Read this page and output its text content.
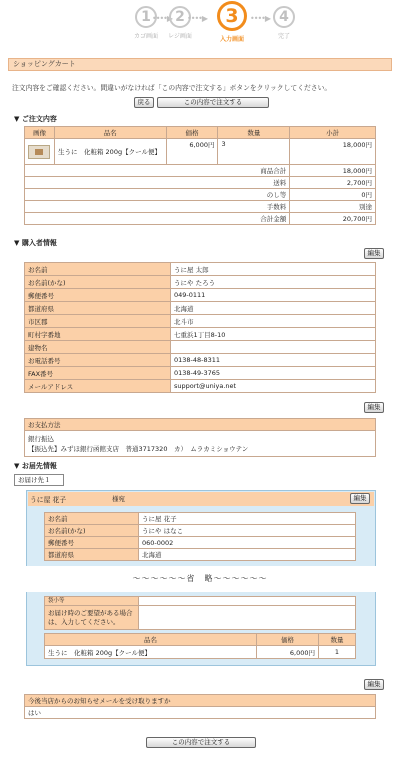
1
カゴ画面
••••▶ 2
レジ画面
••••▶ 3
入力画面
••••▶ 4
完了
ショッピングカート
注文内容をご確認ください。間違いがなければ「この内容で注文する」ボタンをクリックしてください。
戻る	この内容で注文する
▼ ご注文内容
画像	品名	価格	数量	小計

	生うに　化粧箱 200g【クール便】	6,000円	3	18,000円
商品合計				18,000円
送料				2,700円
のし等				0円
手数料				別途
合計金額				20,700円
▼ 購入者情報
編集
お名前	うに屋 太郎
お名前(かな)	うにや たろう
郵便番号	049-0111
都道府県	北海道
市区郡	北斗市
町村字番地	七重浜1丁目8-10
建物名	
お電話番号	0138-48-8311
FAX番号	0138-49-3765
メールアドレス	support@uniya.net
編集
お支払方法

銀行振込
【振込先】みずほ銀行函館支店　普通3717320　カ）　ムラカミショウテン
▼ お届先情報
お届け先１
うに屋 花子	様宛	編集
お名前	うに屋 花子
お名前(かな)	うにや はなこ
郵便番号	060-0002
都道府県	北海道
～～～～～～省　略～～～～～～
袋小等	
お届け時のご要望がある場合は、入力してください。	
品名	価格	数量
生うに　化粧箱 200g【クール便】	6,000円	1
編集
今後当店からのお知らせメールを受け取りますか
はい
この内容で注文する
